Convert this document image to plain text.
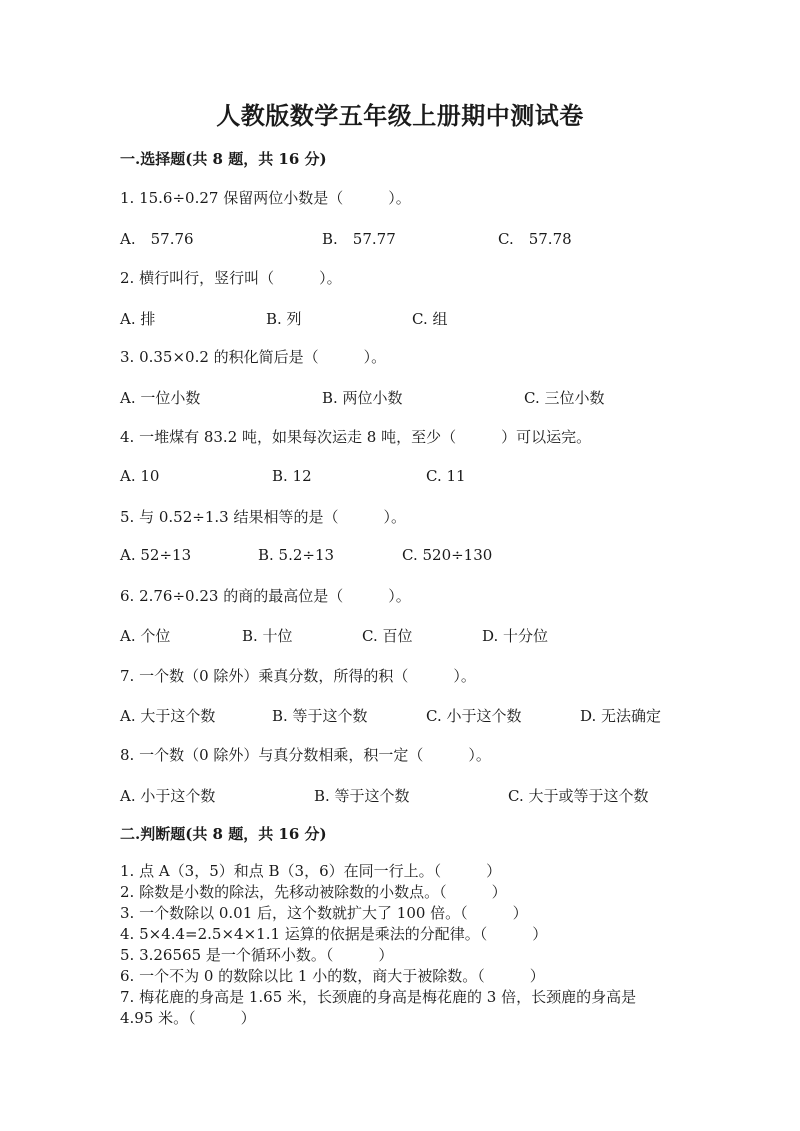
人教版数学五年级上册期中测试卷
一.选择题(共 8 题，共 16 分)
1. 15.6÷0.27 保留两位小数是（　　　）。
A.　57.76	B.　57.77	C.　57.78
2. 横行叫行，竖行叫（　　　）。
A. 排	B. 列	C. 组
3. 0.35×0.2 的积化简后是（　　　）。
A. 一位小数	B. 两位小数	C. 三位小数
4. 一堆煤有 83.2 吨，如果每次运走 8 吨，至少（　　　）可以运完。
A. 10	B. 12	C. 11
5. 与 0.52÷1.3 结果相等的是（　　　）。
A. 52÷13	B. 5.2÷13	C. 520÷130
6. 2.76÷0.23 的商的最高位是（　　　）。
A. 个位	B. 十位	C. 百位	D. 十分位
7. 一个数（0 除外）乘真分数，所得的积（　　　）。
A. 大于这个数	B. 等于这个数	C. 小于这个数	D. 无法确定
8. 一个数（0 除外）与真分数相乘，积一定（　　　）。
A. 小于这个数	B. 等于这个数	C. 大于或等于这个数
二.判断题(共 8 题，共 16 分)
1. 点 A（3，5）和点 B（3，6）在同一行上。（　　　）
2. 除数是小数的除法，先移动被除数的小数点。（　　　）
3. 一个数除以 0.01 后，这个数就扩大了 100 倍。（　　　）
4. 5×4.4=2.5×4×1.1 运算的依据是乘法的分配律。（　　　）
5. 3.26565 是一个循环小数。（　　　）
6. 一个不为 0 的数除以比 1 小的数，商大于被除数。（　　　）
7. 梅花鹿的身高是 1.65 米，长颈鹿的身高是梅花鹿的 3 倍，长颈鹿的身高是
4.95 米。（　　　）
